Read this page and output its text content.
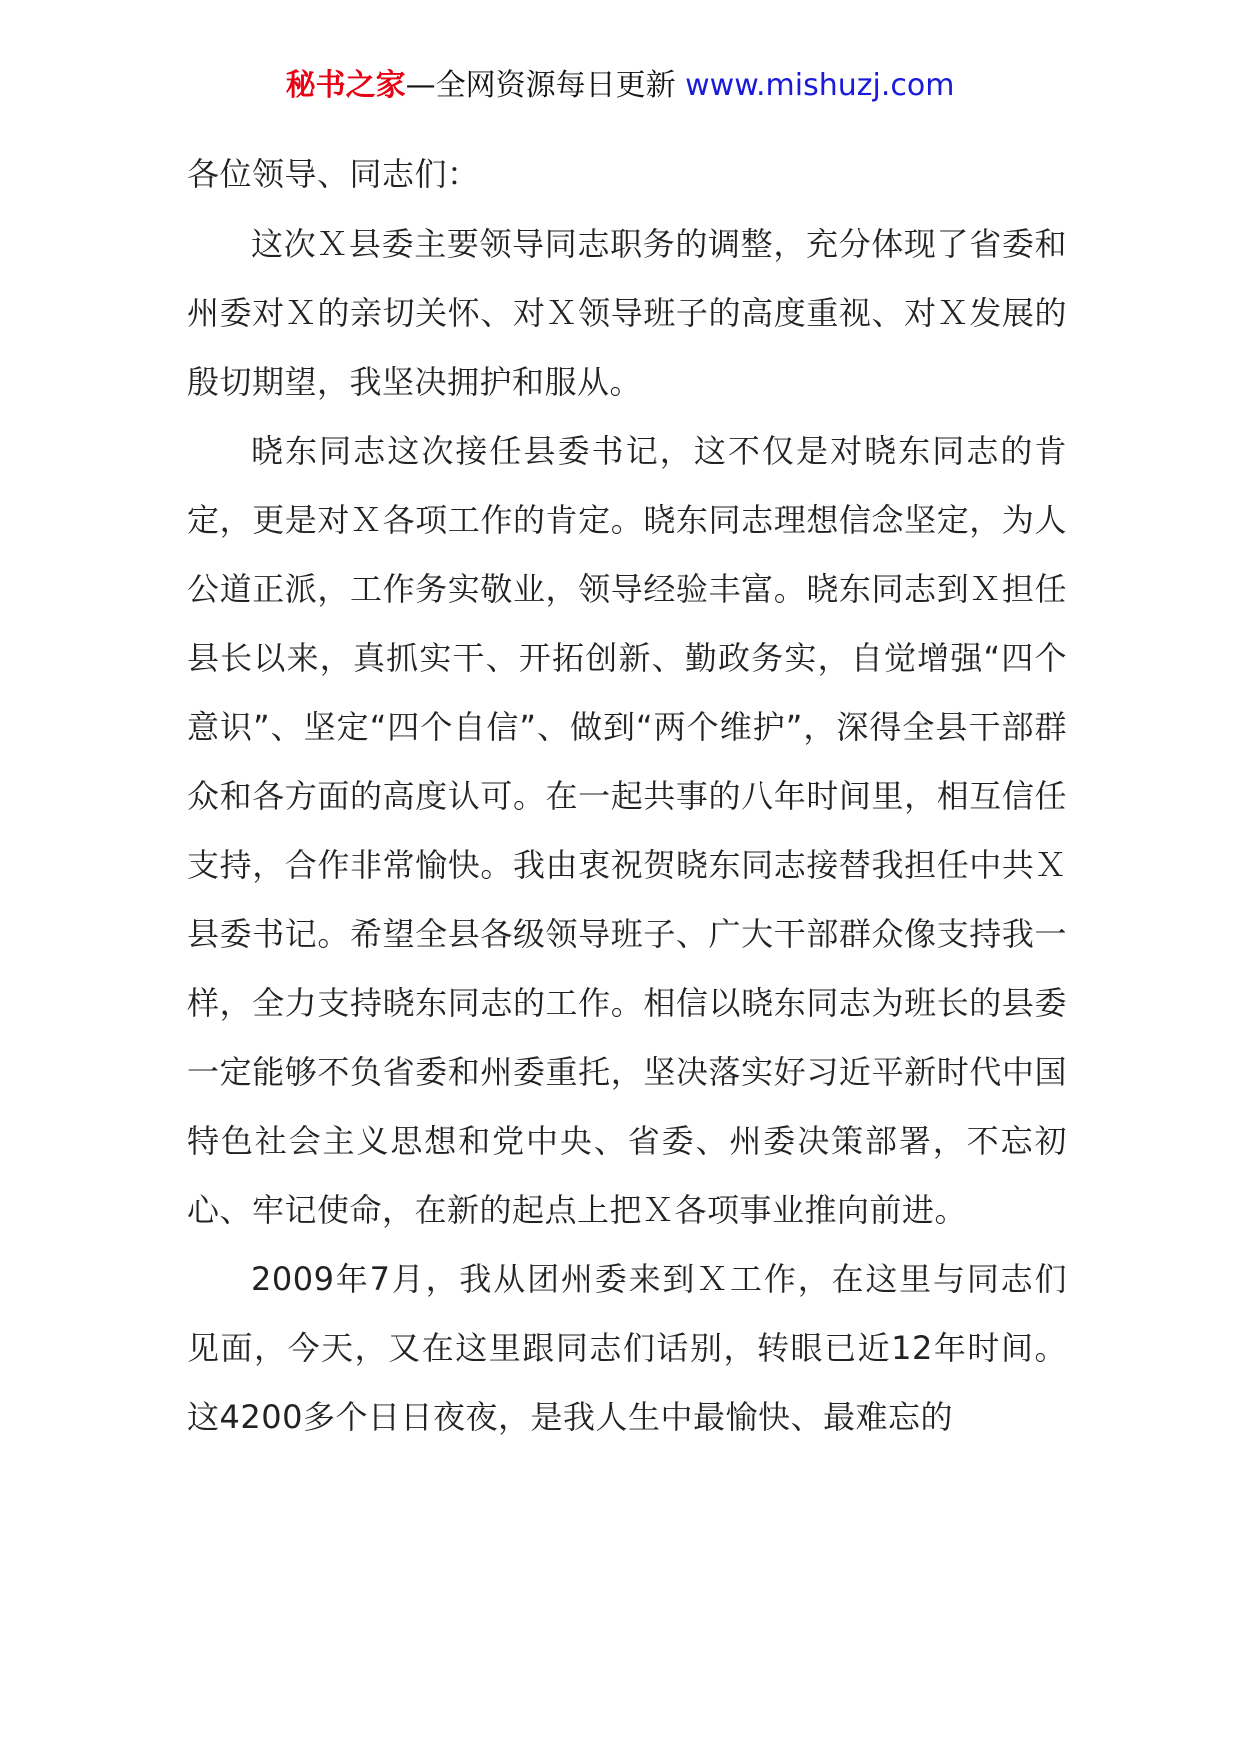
秘书之家—全网资源每日更新 www.mishuzj.com

各位领导、同志们：

这次Ｘ县委主要领导同志职务的调整，充分体现了省委和州委对Ｘ的亲切关怀、对Ｘ领导班子的高度重视、对Ｘ发展的殷切期望，我坚决拥护和服从。

晓东同志这次接任县委书记，这不仅是对晓东同志的肯定，更是对Ｘ各项工作的肯定。晓东同志理想信念坚定，为人公道正派，工作务实敬业，领导经验丰富。晓东同志到Ｘ担任县长以来，真抓实干、开拓创新、勤政务实，自觉增强“四个意识”、坚定“四个自信”、做到“两个维护”，深得全县干部群众和各方面的高度认可。在一起共事的八年时间里，相互信任支持，合作非常愉快。我由衷祝贺晓东同志接替我担任中共Ｘ县委书记。希望全县各级领导班子、广大干部群众像支持我一样，全力支持晓东同志的工作。相信以晓东同志为班长的县委一定能够不负省委和州委重托，坚决落实好习近平新时代中国特色社会主义思想和党中央、省委、州委决策部署，不忘初心、牢记使命，在新的起点上把Ｘ各项事业推向前进。

2009年7月，我从团州委来到Ｘ工作，在这里与同志们见面，今天，又在这里跟同志们话别，转眼已近12年时间。这4200多个日日夜夜，是我人生中最愉快、最难忘的
